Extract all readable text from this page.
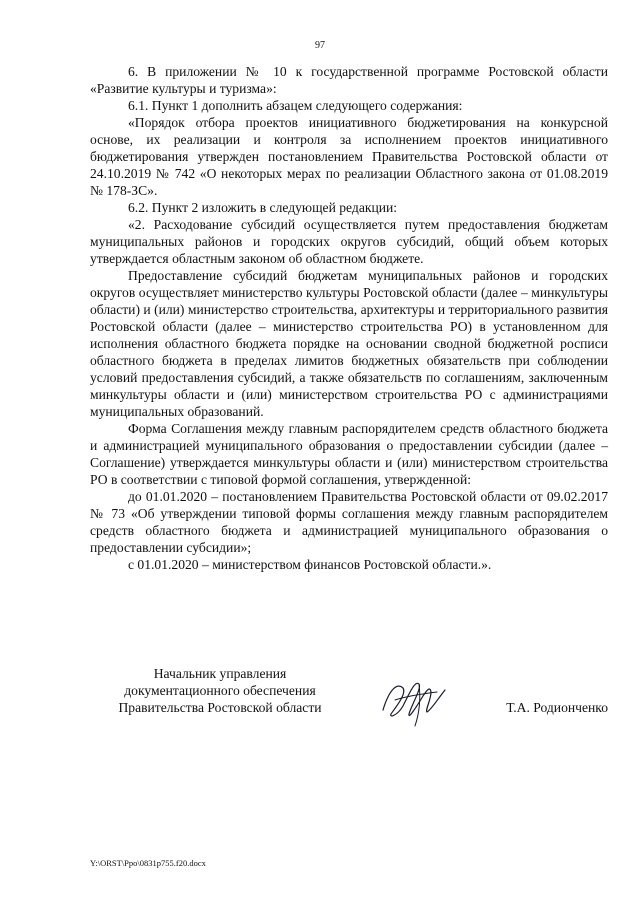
97

6. В приложении № 10 к государственной программе Ростовской области «Развитие культуры и туризма»:

6.1. Пункт 1 дополнить абзацем следующего содержания:

«Порядок отбора проектов инициативного бюджетирования на конкурсной основе, их реализации и контроля за исполнением проектов инициативного бюджетирования утвержден постановлением Правительства Ростовской области от 24.10.2019 № 742 «О некоторых мерах по реализации Областного закона от 01.08.2019 № 178-ЗС».

6.2. Пункт 2 изложить в следующей редакции:

«2. Расходование субсидий осуществляется путем предоставления бюджетам муниципальных районов и городских округов субсидий, общий объем которых утверждается областным законом об областном бюджете.

Предоставление субсидий бюджетам муниципальных районов и городских округов осуществляет министерство культуры Ростовской области (далее – минкультуры области) и (или) министерство строительства, архитектуры и территориального развития Ростовской области (далее – министерство строительства РО) в установленном для исполнения областного бюджета порядке на основании сводной бюджетной росписи областного бюджета в пределах лимитов бюджетных обязательств при соблюдении условий предоставления субсидий, а также обязательств по соглашениям, заключенным минкультуры области и (или) министерством строительства РО с администрациями муниципальных образований.

Форма Соглашения между главным распорядителем средств областного бюджета и администрацией муниципального образования о предоставлении субсидии (далее – Соглашение) утверждается минкультуры области и (или) министерством строительства РО в соответствии с типовой формой соглашения, утвержденной:

до 01.01.2020 – постановлением Правительства Ростовской области от 09.02.2017 № 73 «Об утверждении типовой формы соглашения между главным распорядителем средств областного бюджета и администрацией муниципального образования о предоставлении субсидии»;

с 01.01.2020 – министерством финансов Ростовской области.».

Начальник управления
документационного обеспечения
Правительства Ростовской области	Т.А. Родионченко
Y:\ORST\Ppo\0831p755.f20.docx
